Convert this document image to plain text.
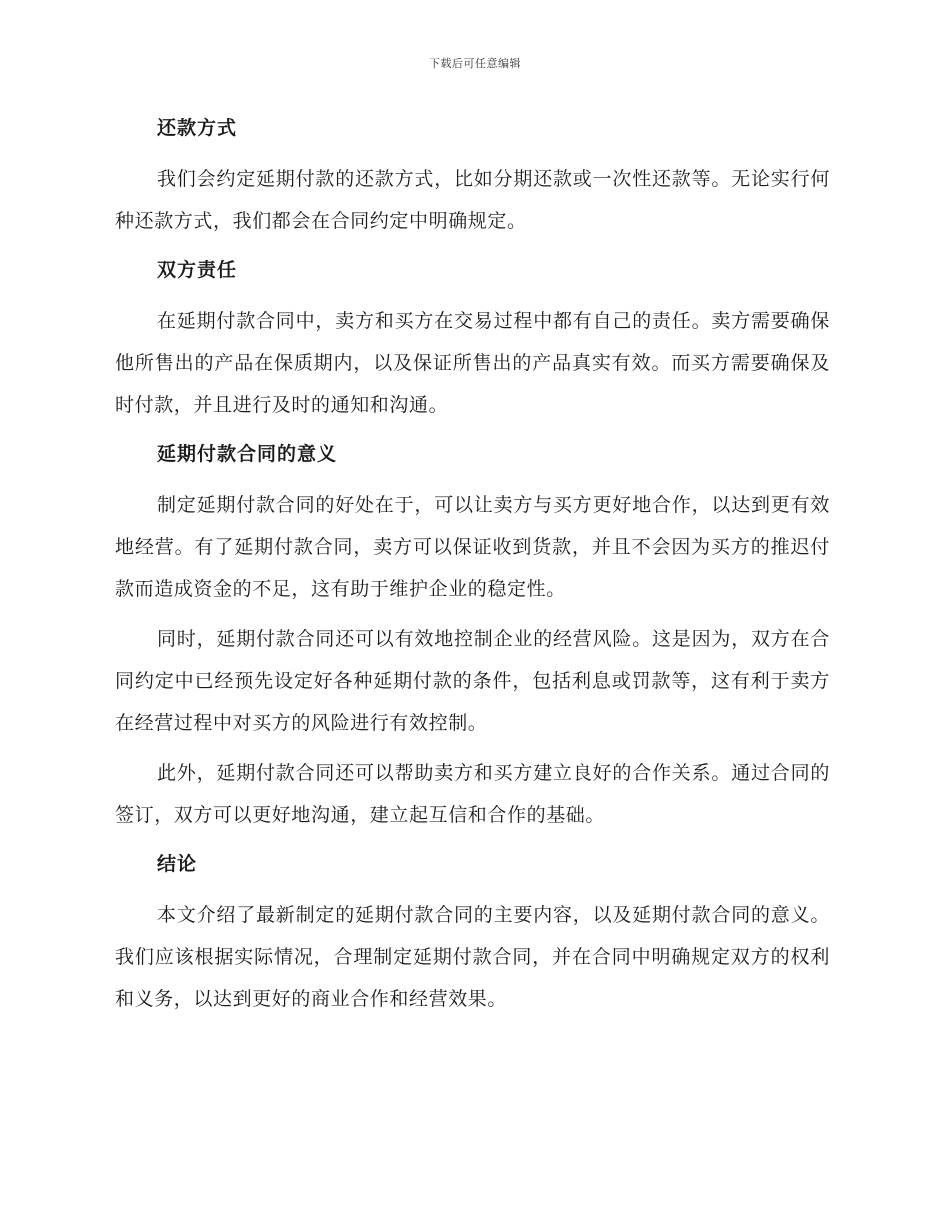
下载后可任意编辑
还款方式

我们会约定延期付款的还款方式，比如分期还款或一次性还款等。无论实行何种还款方式，我们都会在合同约定中明确规定。

双方责任

在延期付款合同中，卖方和买方在交易过程中都有自己的责任。卖方需要确保他所售出的产品在保质期内，以及保证所售出的产品真实有效。而买方需要确保及时付款，并且进行及时的通知和沟通。

延期付款合同的意义

制定延期付款合同的好处在于，可以让卖方与买方更好地合作，以达到更有效地经营。有了延期付款合同，卖方可以保证收到货款，并且不会因为买方的推迟付款而造成资金的不足，这有助于维护企业的稳定性。

同时，延期付款合同还可以有效地控制企业的经营风险。这是因为，双方在合同约定中已经预先设定好各种延期付款的条件，包括利息或罚款等，这有利于卖方在经营过程中对买方的风险进行有效控制。

此外，延期付款合同还可以帮助卖方和买方建立良好的合作关系。通过合同的签订，双方可以更好地沟通，建立起互信和合作的基础。

结论

本文介绍了最新制定的延期付款合同的主要内容，以及延期付款合同的意义。我们应该根据实际情况，合理制定延期付款合同，并在合同中明确规定双方的权利和义务，以达到更好的商业合作和经营效果。
